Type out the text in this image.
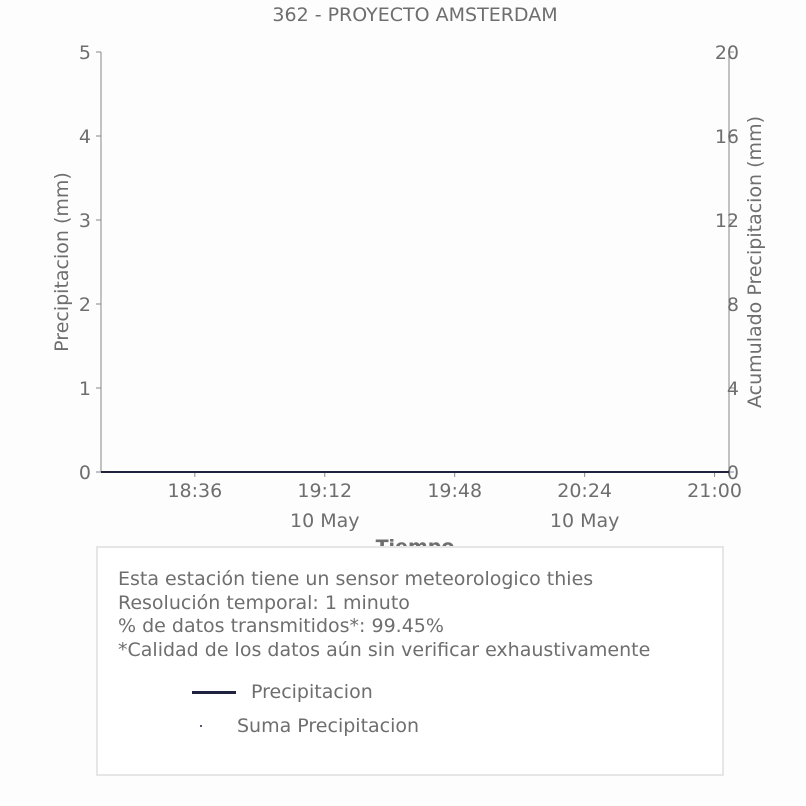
362 - PROYECTO AMSTERDAM
0
1
2
3
4
5
0
4
8
12
16
20
18:36	19:12
10 May
19:48	20:24
10 May
21:00
Precipitacion (mm)	Acumulado Precipitacion (mm)
Esta estación tiene un sensor meteorologico thies
Resolución temporal: 1 minuto
% de datos transmitidos*: 99.45%
*Calidad de los datos aún sin verificar exhaustivamente
Precipitacion
Suma Precipitacion
